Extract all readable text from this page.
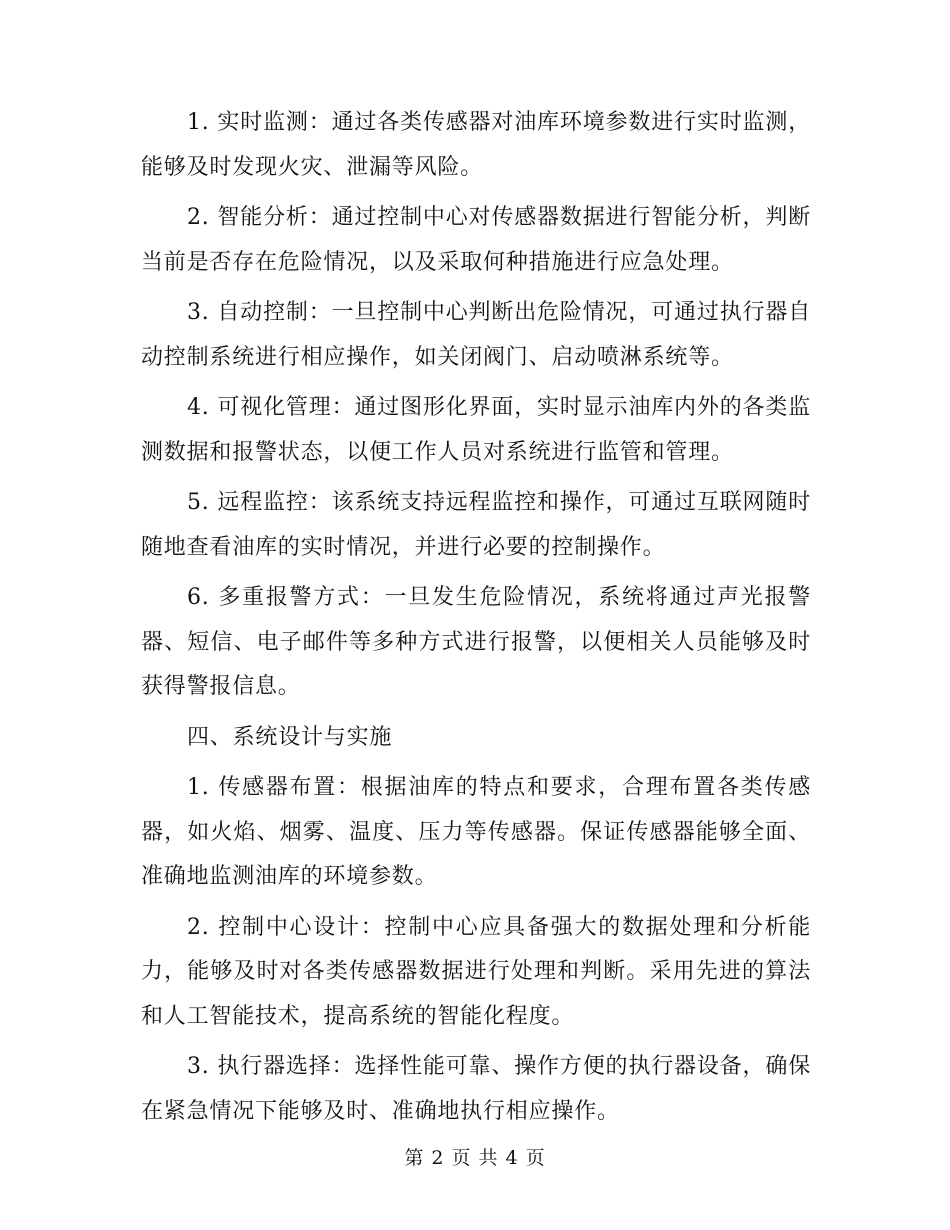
1. 实时监测：通过各类传感器对油库环境参数进行实时监测，能够及时发现火灾、泄漏等风险。

2. 智能分析：通过控制中心对传感器数据进行智能分析，判断当前是否存在危险情况，以及采取何种措施进行应急处理。

3. 自动控制：一旦控制中心判断出危险情况，可通过执行器自动控制系统进行相应操作，如关闭阀门、启动喷淋系统等。

4. 可视化管理：通过图形化界面，实时显示油库内外的各类监测数据和报警状态，以便工作人员对系统进行监管和管理。

5. 远程监控：该系统支持远程监控和操作，可通过互联网随时随地查看油库的实时情况，并进行必要的控制操作。

6. 多重报警方式：一旦发生危险情况，系统将通过声光报警器、短信、电子邮件等多种方式进行报警，以便相关人员能够及时获得警报信息。

四、系统设计与实施

1. 传感器布置：根据油库的特点和要求，合理布置各类传感器，如火焰、烟雾、温度、压力等传感器。保证传感器能够全面、准确地监测油库的环境参数。

2. 控制中心设计：控制中心应具备强大的数据处理和分析能力，能够及时对各类传感器数据进行处理和判断。采用先进的算法和人工智能技术，提高系统的智能化程度。

3. 执行器选择：选择性能可靠、操作方便的执行器设备，确保在紧急情况下能够及时、准确地执行相应操作。

第 2 页 共 4 页
